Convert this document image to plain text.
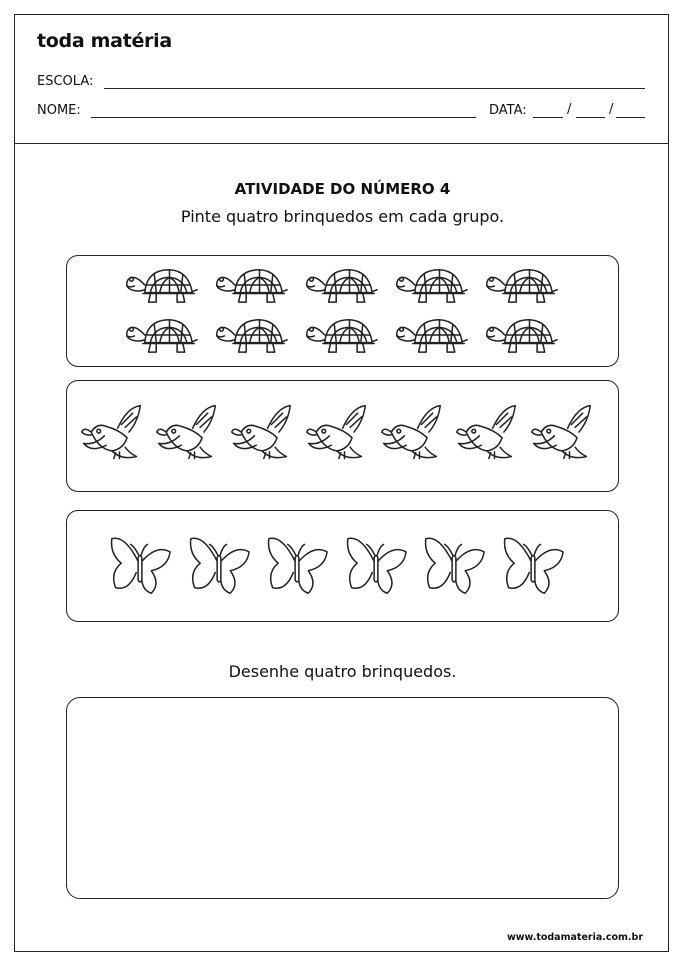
toda matéria
ESCOLA:
NOME:	DATA:	/	/
ATIVIDADE DO NÚMERO 4
Pinte quatro brinquedos em cada grupo.
Desenhe quatro brinquedos.
www.todamateria.com.br
